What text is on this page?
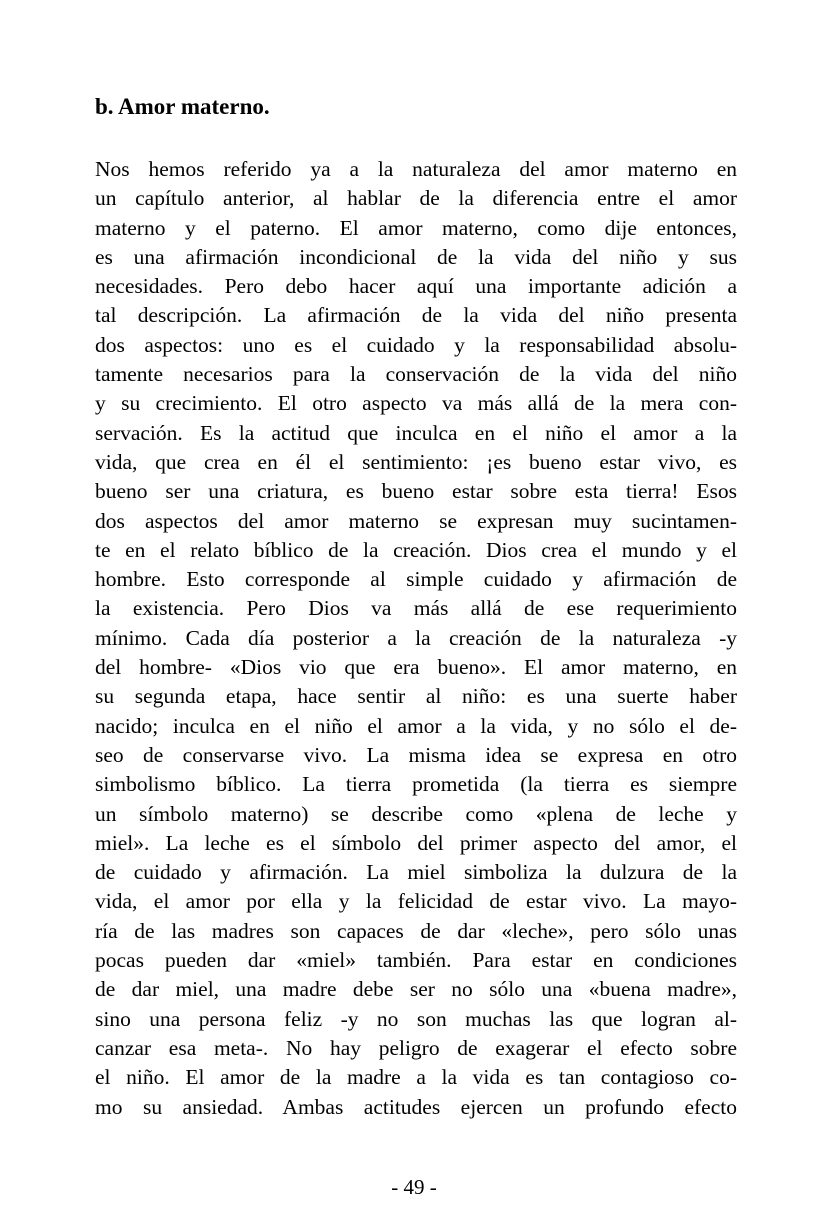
b. Amor materno.
Nos hemos referido ya a la naturaleza del amor materno en
un capítulo anterior, al hablar de la diferencia entre el amor
materno y el paterno. El amor materno, como dije entonces,
es una afirmación incondicional de la vida del niño y sus
necesidades. Pero debo hacer aquí una importante adición a
tal descripción. La afirmación de la vida del niño presenta
dos aspectos: uno es el cuidado y la responsabilidad absolu-
tamente necesarios para la conservación de la vida del niño
y su crecimiento. El otro aspecto va más allá de la mera con-
servación. Es la actitud que inculca en el niño el amor a la
vida, que crea en él el sentimiento: ¡es bueno estar vivo, es
bueno ser una criatura, es bueno estar sobre esta tierra! Esos
dos aspectos del amor materno se expresan muy sucintamen-
te en el relato bíblico de la creación. Dios crea el mundo y el
hombre. Esto corresponde al simple cuidado y afirmación de
la existencia. Pero Dios va más allá de ese requerimiento
mínimo. Cada día posterior a la creación de la naturaleza -y
del hombre- «Dios vio que era bueno». El amor materno, en
su segunda etapa, hace sentir al niño: es una suerte haber
nacido; inculca en el niño el amor a la vida, y no sólo el de-
seo de conservarse vivo. La misma idea se expresa en otro
simbolismo bíblico. La tierra prometida (la tierra es siempre
un símbolo materno) se describe como «plena de leche y
miel». La leche es el símbolo del primer aspecto del amor, el
de cuidado y afirmación. La miel simboliza la dulzura de la
vida, el amor por ella y la felicidad de estar vivo. La mayo-
ría de las madres son capaces de dar «leche», pero sólo unas
pocas pueden dar «miel» también. Para estar en condiciones
de dar miel, una madre debe ser no sólo una «buena madre»,
sino una persona feliz -y no son muchas las que logran al-
canzar esa meta-. No hay peligro de exagerar el efecto sobre
el niño. El amor de la madre a la vida es tan contagioso co-
mo su ansiedad. Ambas actitudes ejercen un profundo efecto
- 49 -
